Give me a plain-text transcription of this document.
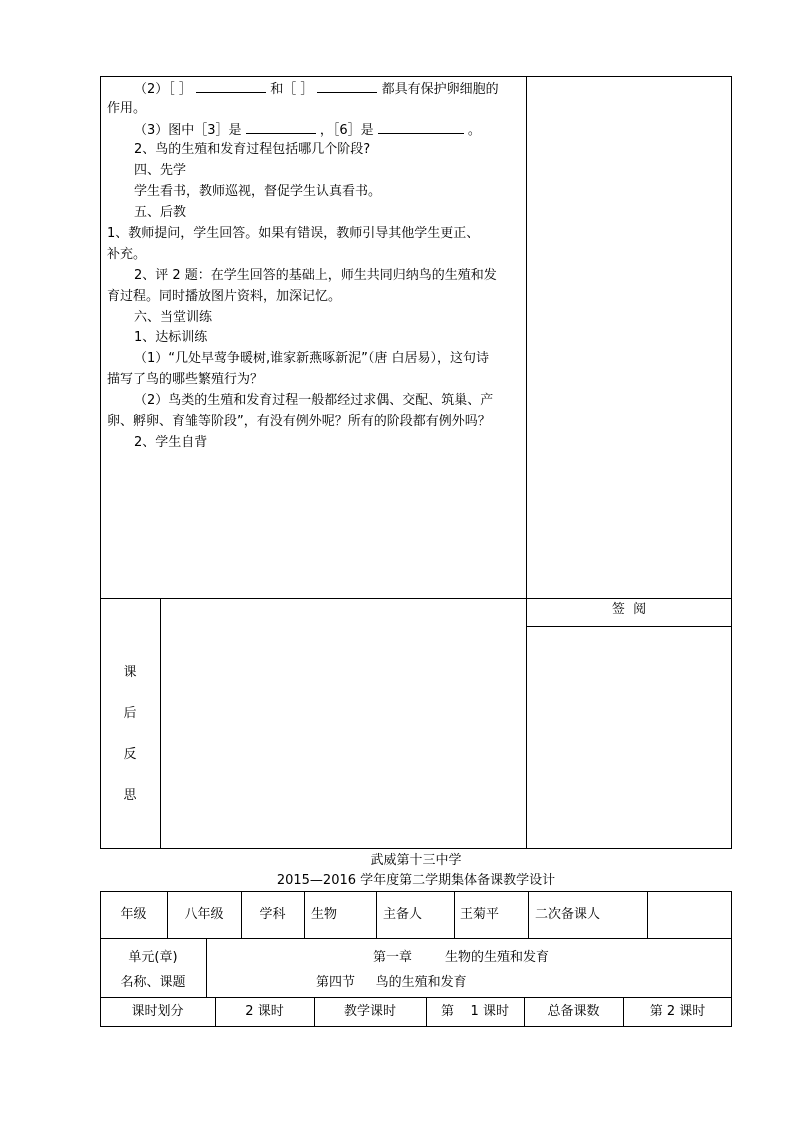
（2）［ ］	和［ ］	都具有保护卵细胞的
作用。
（3）图中［3］是	，［6］是	。
2、鸟的生殖和发育过程包括哪几个阶段?
四、先学
学生看书，教师巡视，督促学生认真看书。
五、后教
1、教师提问，学生回答。如果有错误，教师引导其他学生更正、
补充。
2、评 2 题：在学生回答的基础上，师生共同归纳鸟的生殖和发
育过程。同时播放图片资料，加深记忆。
六、当堂训练
1、达标训练
（1）“几处早莺争暖树,谁家新燕啄新泥”（唐 白居易），这句诗
描写了鸟的哪些繁殖行为？
（2）鸟类的生殖和发育过程一般都经过求偶、交配、筑巢、产
卵、孵卵、育雏等阶段”，有没有例外呢？所有的阶段都有例外吗？
2、学生自背
课
后
反
思
签  阅
武威第十三中学
2015—2016 学年度第二学期集体备课教学设计
年级	八年级	学科	生物	主备人	王菊平	二次备课人
单元(章)
名称、课题
第一章        生物的生殖和发育
第四节     鸟的生殖和发育
课时划分	2 课时	教学课时	第    1 课时	总备课数	第 2 课时
